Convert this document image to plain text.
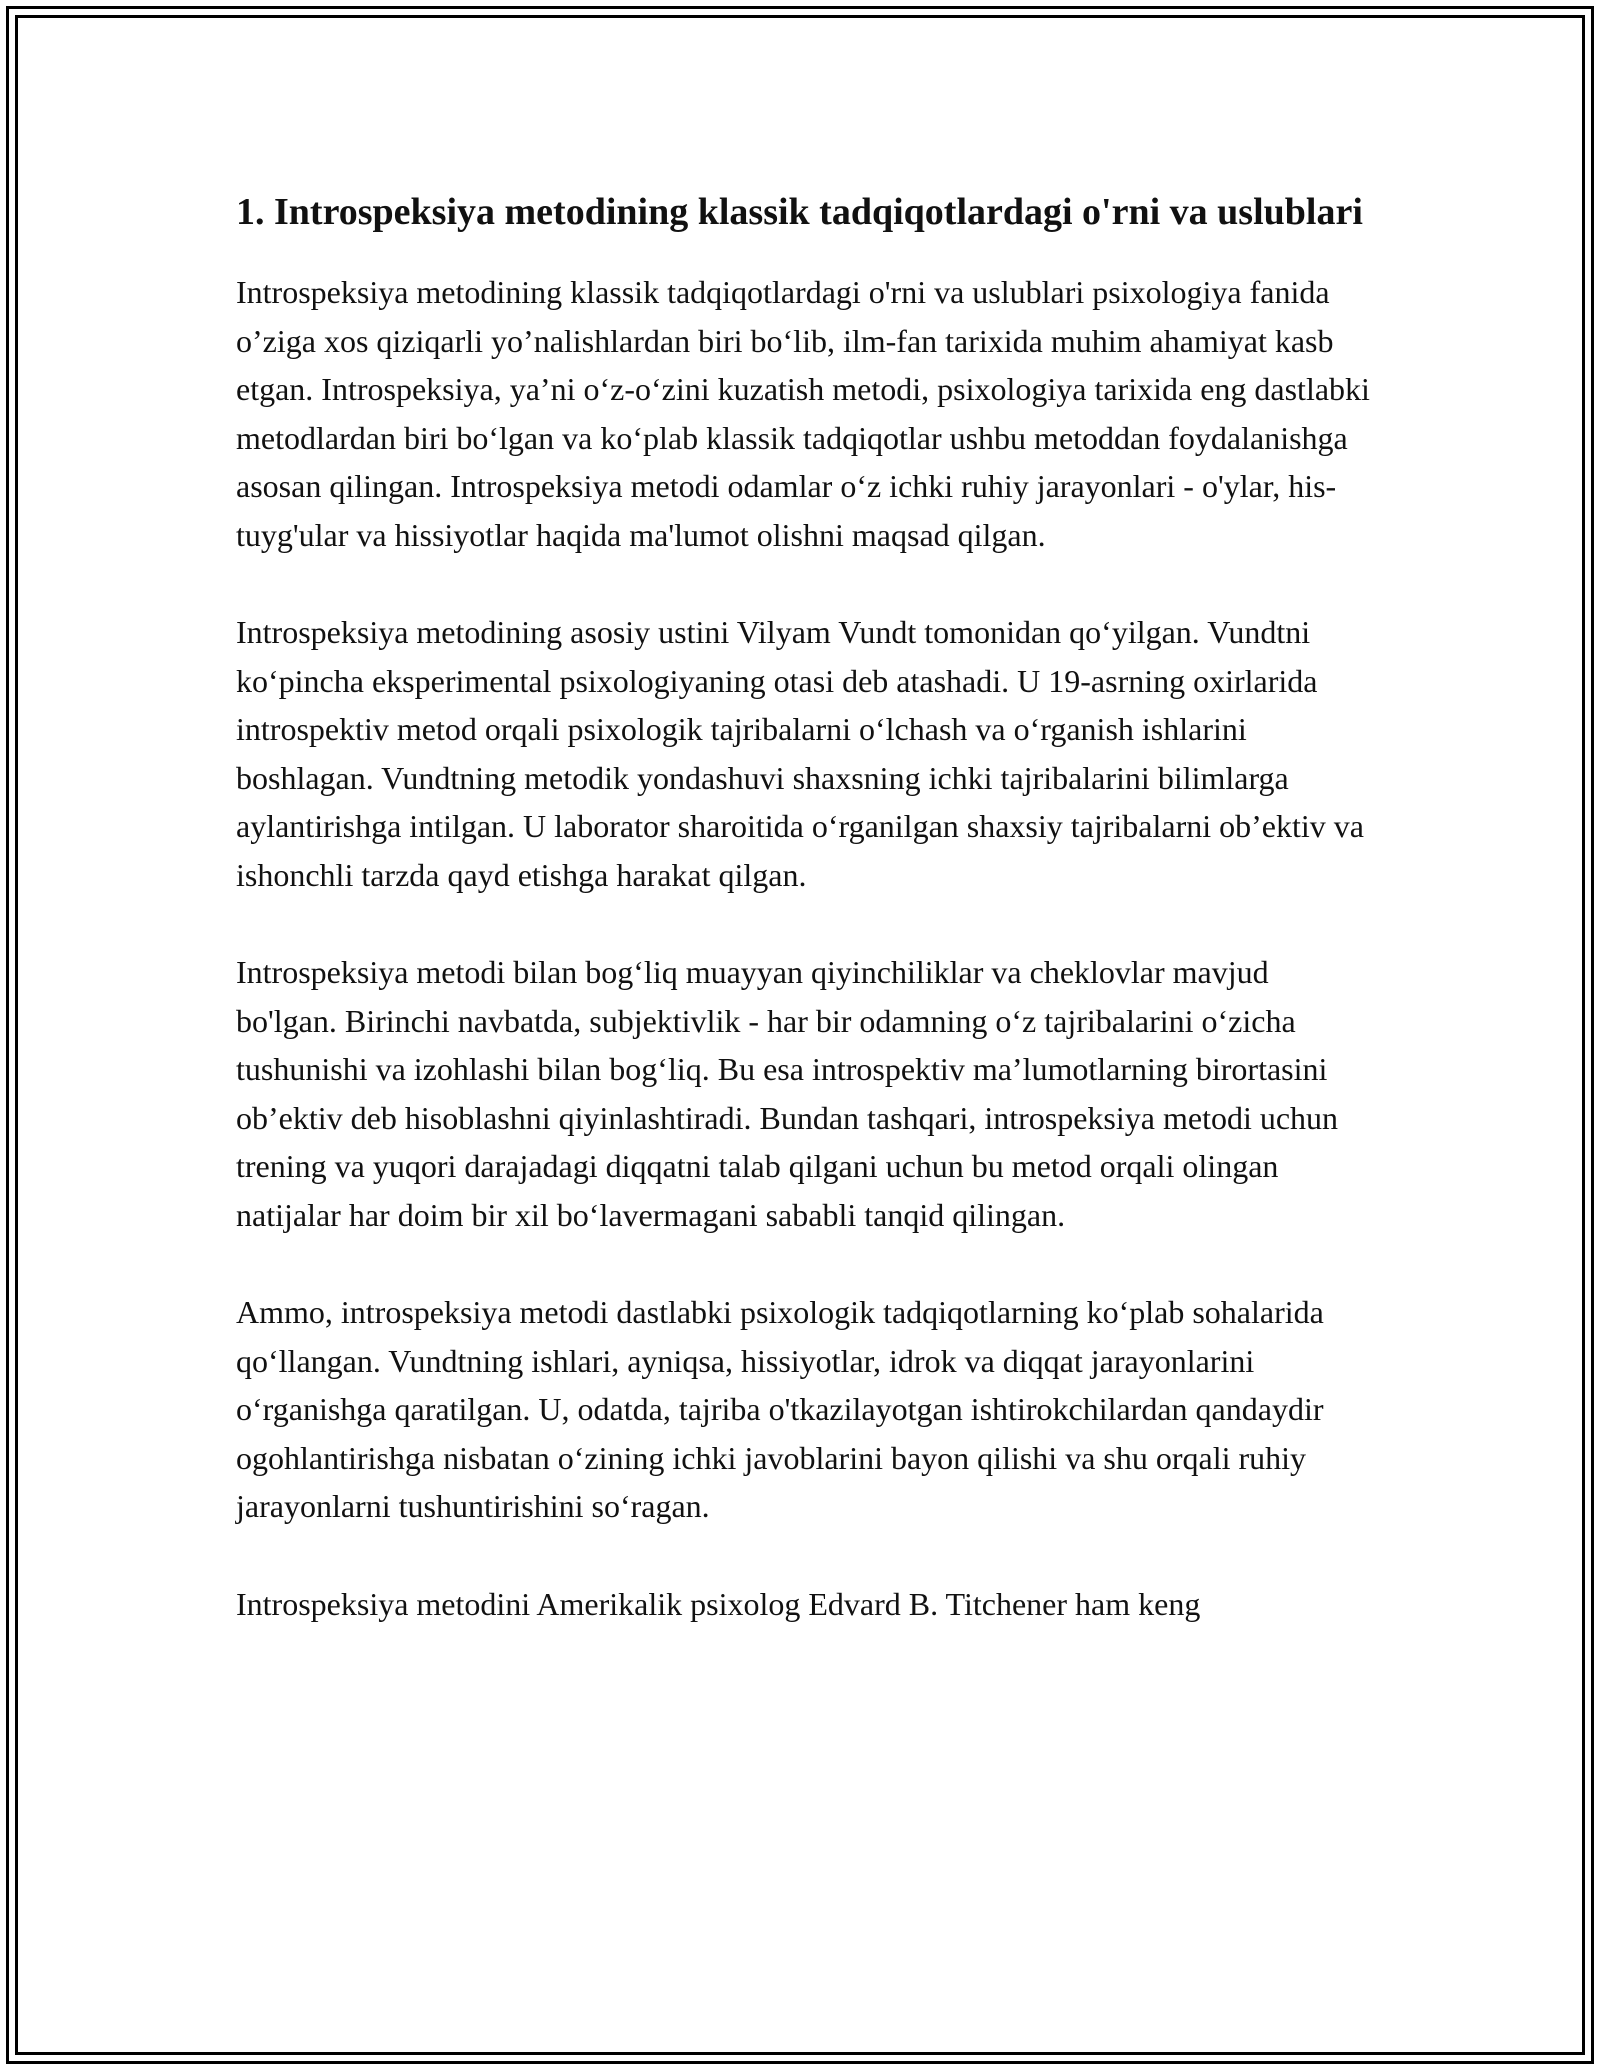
1. Introspeksiya metodining klassik tadqiqotlardagi o'rni va uslublari

Introspeksiya metodining klassik tadqiqotlardagi o'rni va uslublari psixologiya fanida o’ziga xos qiziqarli yo’nalishlardan biri bo‘lib, ilm-fan tarixida muhim ahamiyat kasb etgan. Introspeksiya, ya’ni o‘z-o‘zini kuzatish metodi, psixologiya tarixida eng dastlabki metodlardan biri bo‘lgan va ko‘plab klassik tadqiqotlar ushbu metoddan foydalanishga asosan qilingan. Introspeksiya metodi odamlar o‘z ichki ruhiy jarayonlari - o'ylar, his-tuyg'ular va hissiyotlar haqida ma'lumot olishni maqsad qilgan.

Introspeksiya metodining asosiy ustini Vilyam Vundt tomonidan qo‘yilgan. Vundtni ko‘pincha eksperimental psixologiyaning otasi deb atashadi. U 19-asrning oxirlarida introspektiv metod orqali psixologik tajribalarni o‘lchash va o‘rganish ishlarini boshlagan. Vundtning metodik yondashuvi shaxsning ichki tajribalarini bilimlarga aylantirishga intilgan. U laborator sharoitida o‘rganilgan shaxsiy tajribalarni ob’ektiv va ishonchli tarzda qayd etishga harakat qilgan.

Introspeksiya metodi bilan bog‘liq muayyan qiyinchiliklar va cheklovlar mavjud bo'lgan. Birinchi navbatda, subjektivlik - har bir odamning o‘z tajribalarini o‘zicha tushunishi va izohlashi bilan bog‘liq. Bu esa introspektiv ma’lumotlarning birortasini ob’ektiv deb hisoblashni qiyinlashtiradi. Bundan tashqari, introspeksiya metodi uchun trening va yuqori darajadagi diqqatni talab qilgani uchun bu metod orqali olingan natijalar har doim bir xil bo‘lavermagani sababli tanqid qilingan.

Ammo, introspeksiya metodi dastlabki psixologik tadqiqotlarning ko‘plab sohalarida qo‘llangan. Vundtning ishlari, ayniqsa, hissiyotlar, idrok va diqqat jarayonlarini o‘rganishga qaratilgan. U, odatda, tajriba o'tkazilayotgan ishtirokchilardan qandaydir ogohlantirishga nisbatan o‘zining ichki javoblarini bayon qilishi va shu orqali ruhiy jarayonlarni tushuntirishini so‘ragan.

Introspeksiya metodini Amerikalik psixolog Edvard B. Titchener ham keng
